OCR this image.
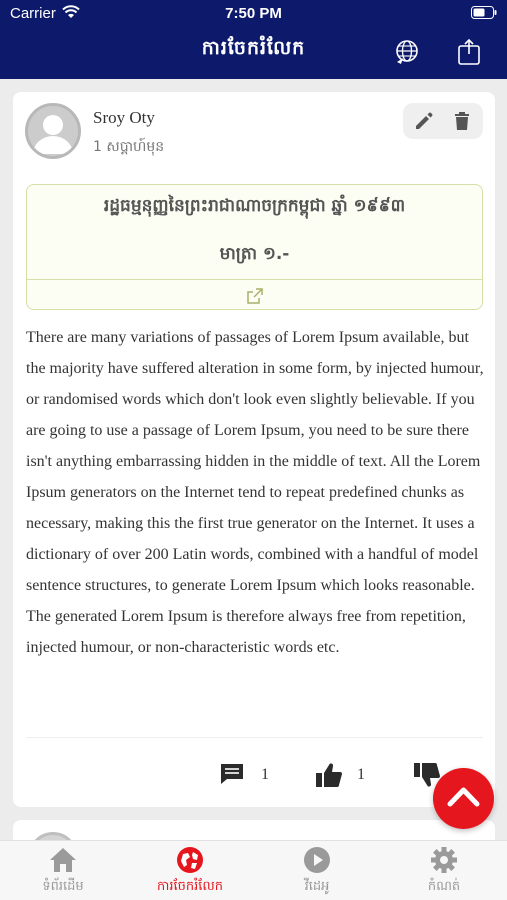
Carrier	7:50 PM
ការចែករំលែក
Sroy Oty
1 សប្តាហ៍មុន
រដ្ឋធម្មនុញ្ញនៃព្រះរាជាណាចក្រកម្ពុជា ឆ្នាំ ១៩៩៣
មាត្រា ១.-

There are many variations of passages of Lorem Ipsum available, but the majority have suffered alteration in some form, by injected humour, or randomised words which don't look even slightly believable. If you are going to use a passage of Lorem Ipsum, you need to be sure there isn't anything embarrassing hidden in the middle of text. All the Lorem Ipsum generators on the Internet tend to repeat predefined chunks as necessary, making this the first true generator on the Internet. It uses a dictionary of over 200 Latin words, combined with a handful of model sentence structures, to generate Lorem Ipsum which looks reasonable. The generated Lorem Ipsum is therefore always free from repetition, injected humour, or non-characteristic words etc.

1	1
ទំព័រដើម	ការចែករំលែក	វីដេអូ	កំណត់
